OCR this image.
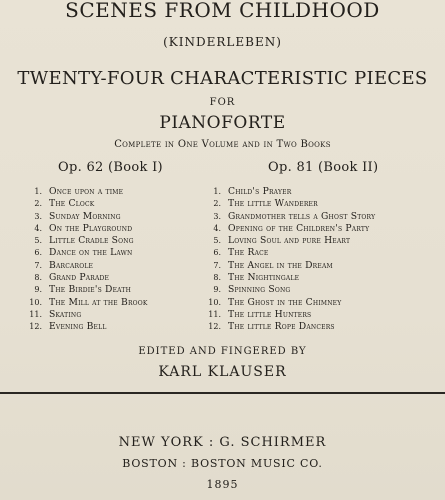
SCENES FROM CHILDHOOD
(KINDERLEBEN)
TWENTY-FOUR CHARACTERISTIC PIECES
FOR
PIANOFORTE
Complete in One Volume and in Two Books
Op. 62 (Book I)	Op. 81 (Book II)
1. Once upon a time
2. The Clock
3. Sunday Morning
4. On the Playground
5. Little Cradle Song
6. Dance on the Lawn
7. Barcarole
8. Grand Parade
9. The Birdie's Death
10. The Mill at the Brook
11. Skating
12. Evening Bell
1. Child's Prayer
2. The little Wanderer
3. Grandmother tells a Ghost Story
4. Opening of the Children's Party
5. Loving Soul and pure Heart
6. The Race
7. The Angel in the Dream
8. The Nightingale
9. Spinning Song
10. The Ghost in the Chimney
11. The little Hunters
12. The little Rope Dancers
EDITED AND FINGERED BY
KARL KLAUSER
NEW YORK : G. SCHIRMER
BOSTON : BOSTON MUSIC CO.
1895
